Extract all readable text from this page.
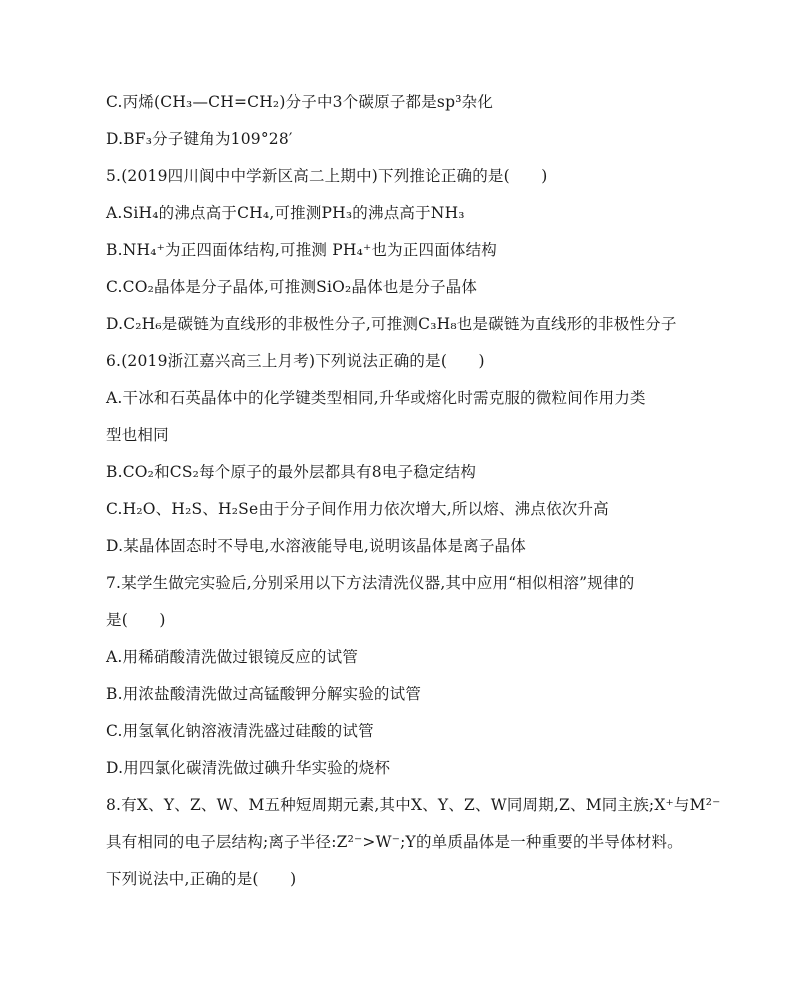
C.丙烯(CH₃—CH=CH₂)分子中3个碳原子都是sp³杂化
D.BF₃分子键角为109°28′
5.(2019四川阆中中学新区高二上期中)下列推论正确的是(　　)
A.SiH₄的沸点高于CH₄,可推测PH₃的沸点高于NH₃
B.NH₄⁺为正四面体结构,可推测 PH₄⁺也为正四面体结构
C.CO₂晶体是分子晶体,可推测SiO₂晶体也是分子晶体
D.C₂H₆是碳链为直线形的非极性分子,可推测C₃H₈也是碳链为直线形的非极性分子
6.(2019浙江嘉兴高三上月考)下列说法正确的是(　　)
A.干冰和石英晶体中的化学键类型相同,升华或熔化时需克服的微粒间作用力类
型也相同
B.CO₂和CS₂每个原子的最外层都具有8电子稳定结构
C.H₂O、H₂S、H₂Se由于分子间作用力依次增大,所以熔、沸点依次升高
D.某晶体固态时不导电,水溶液能导电,说明该晶体是离子晶体
7.某学生做完实验后,分别采用以下方法清洗仪器,其中应用“相似相溶”规律的
是(　　)
A.用稀硝酸清洗做过银镜反应的试管
B.用浓盐酸清洗做过高锰酸钾分解实验的试管
C.用氢氧化钠溶液清洗盛过硅酸的试管
D.用四氯化碳清洗做过碘升华实验的烧杯
8.有X、Y、Z、W、M五种短周期元素,其中X、Y、Z、W同周期,Z、M同主族;X⁺与M²⁻
具有相同的电子层结构;离子半径:Z²⁻>W⁻;Y的单质晶体是一种重要的半导体材料。
下列说法中,正确的是(　　)
